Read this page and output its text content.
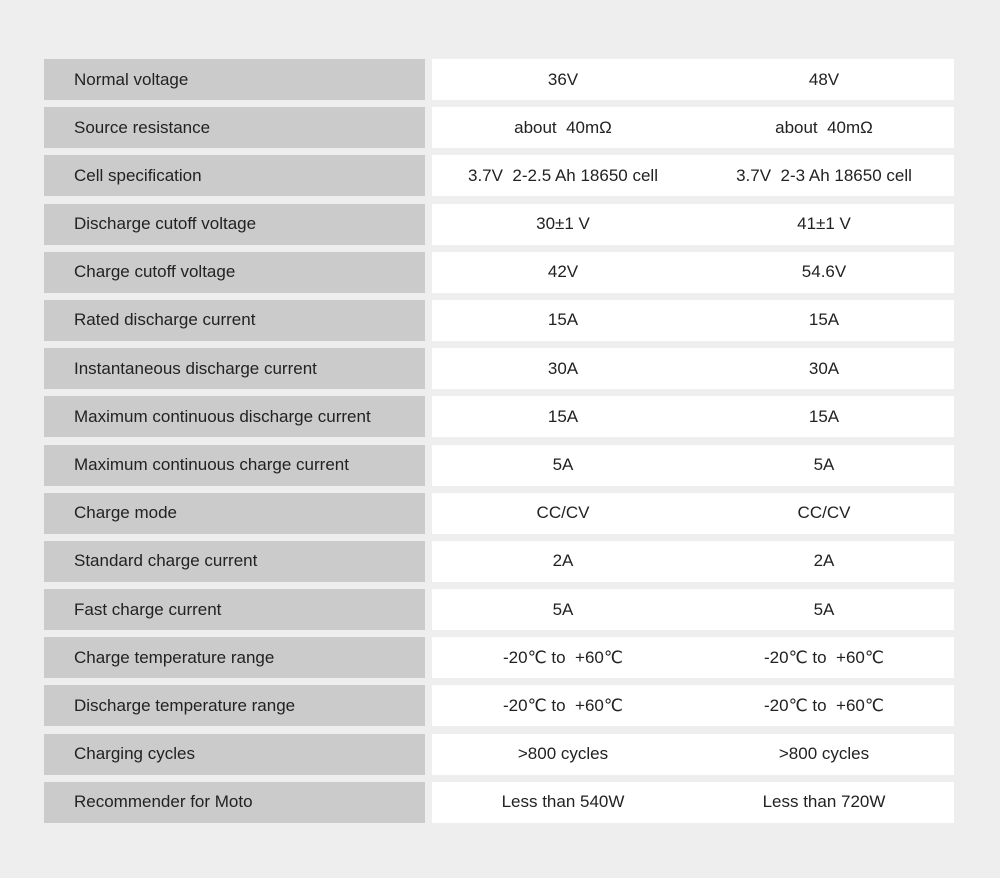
Normal voltage	36V	48V
Source resistance	about  40mΩ	about  40mΩ
Cell specification	3.7V  2-2.5 Ah 18650 cell	3.7V  2-3 Ah 18650 cell
Discharge cutoff voltage	30±1 V	41±1 V
Charge cutoff voltage	42V	54.6V
Rated discharge current	15A	15A
Instantaneous discharge current	30A	30A
Maximum continuous discharge current	15A	15A
Maximum continuous charge current	5A	5A
Charge mode	CC/CV	CC/CV
Standard charge current	2A	2A
Fast charge current	5A	5A
Charge temperature range	-20℃ to  +60℃	-20℃ to  +60℃
Discharge temperature range	-20℃ to  +60℃	-20℃ to  +60℃
Charging cycles	>800 cycles	>800 cycles
Recommender for Moto	Less than 540W	Less than 720W
